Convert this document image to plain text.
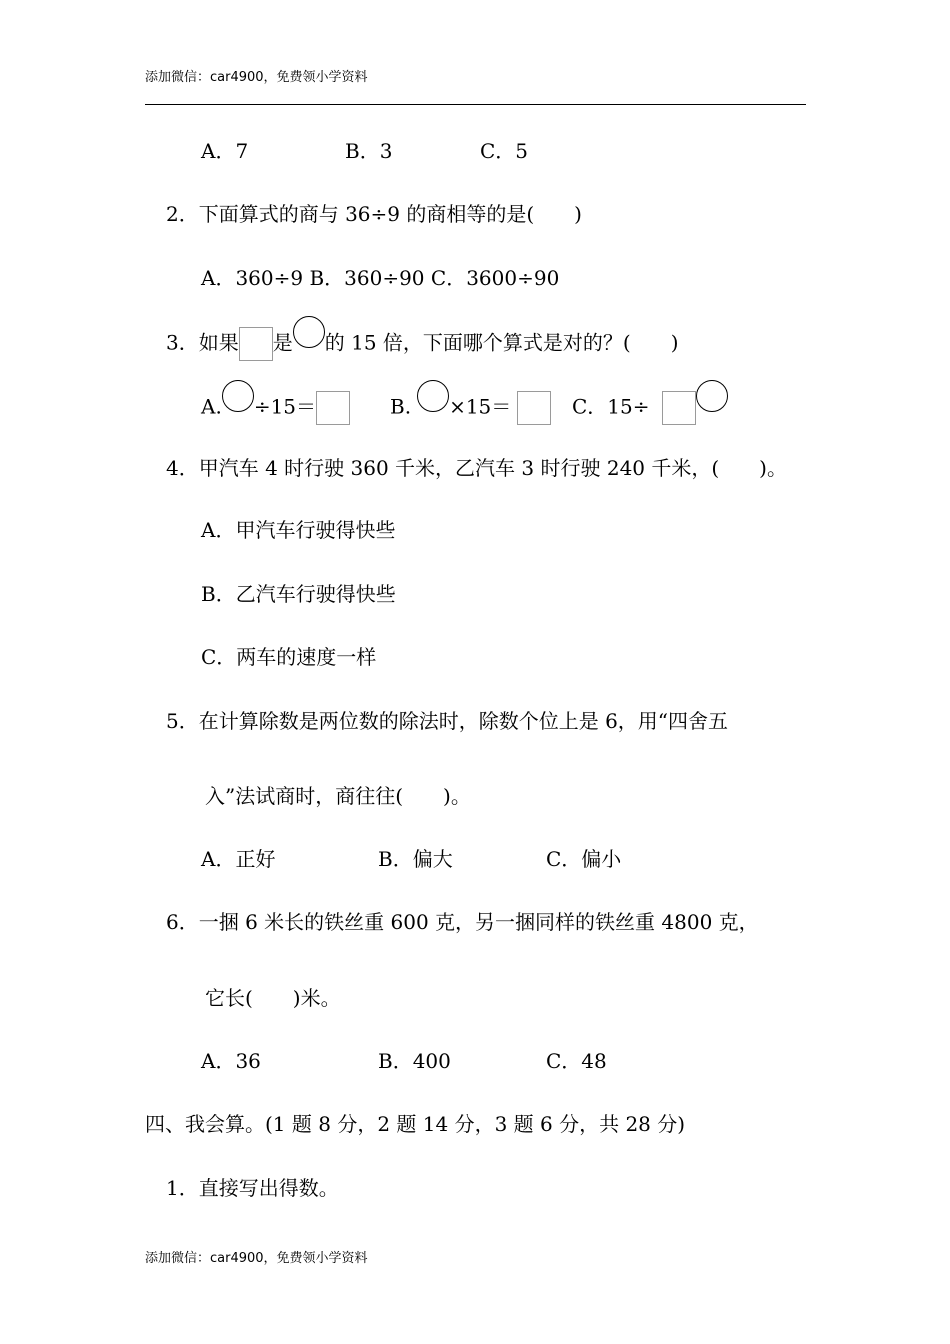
添加微信：car4900，免费领小学资料
A．7	B．3	C．5
2．下面算式的商与 36÷9 的商相等的是(　　)
A．360÷9 B．360÷90 C．3600÷90
3．如果 是 的 15 倍，下面哪个算式是对的？(　　)
A. ÷15＝	B. ×15＝	C．15÷
4．甲汽车 4 时行驶 360 千米，乙汽车 3 时行驶 240 千米，(　　)。
A．甲汽车行驶得快些
B．乙汽车行驶得快些
C．两车的速度一样
5．在计算除数是两位数的除法时，除数个位上是 6，用“四舍五
入”法试商时，商往往(　　)。
A．正好	B．偏大	C．偏小
6．一捆 6 米长的铁丝重 600 克，另一捆同样的铁丝重 4800 克，
它长(　　)米。
A．36	B．400	C．48
四、我会算。(1 题 8 分，2 题 14 分，3 题 6 分，共 28 分)
1．直接写出得数。
添加微信：car4900，免费领小学资料
